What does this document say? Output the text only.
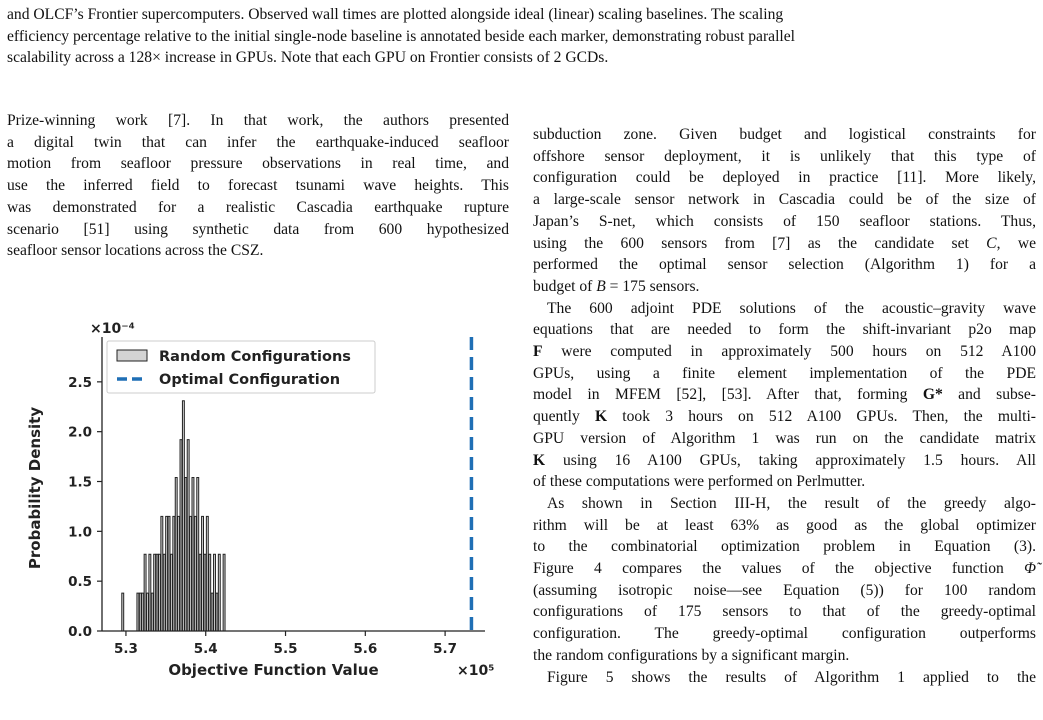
and OLCF’s Frontier supercomputers. Observed wall times are plotted alongside ideal (linear) scaling baselines. The scaling
efficiency percentage relative to the initial single-node baseline is annotated beside each marker, demonstrating robust parallel
scalability across a 128× increase in GPUs. Note that each GPU on Frontier consists of 2 GCDs.
Prize-winning work [7]. In that work, the authors presented
a digital twin that can infer the earthquake-induced seafloor
motion from seafloor pressure observations in real time, and
use the inferred field to forecast tsunami wave heights. This
was demonstrated for a realistic Cascadia earthquake rupture
scenario [51] using synthetic data from 600 hypothesized
seafloor sensor locations across the CSZ.
subduction zone. Given budget and logistical constraints for
offshore sensor deployment, it is unlikely that this type of
configuration could be deployed in practice [11]. More likely,
a large-scale sensor network in Cascadia could be of the size of
Japan’s S-net, which consists of 150 seafloor stations. Thus,
using the 600 sensors from [7] as the candidate set C, we
performed the optimal sensor selection (Algorithm 1) for a
budget of B = 175 sensors.
The 600 adjoint PDE solutions of the acoustic–gravity wave
equations that are needed to form the shift-invariant p2o map
F were computed in approximately 500 hours on 512 A100
GPUs, using a finite element implementation of the PDE
model in MFEM [52], [53]. After that, forming G* and subse-
quently K took 3 hours on 512 A100 GPUs. Then, the multi-
GPU version of Algorithm 1 was run on the candidate matrix
K using 16 A100 GPUs, taking approximately 1.5 hours. All
of these computations were performed on Perlmutter.
As shown in Section III-H, the result of the greedy algo-
rithm will be at least 63% as good as the global optimizer
to the combinatorial optimization problem in Equation (3).
Figure 4 compares the values of the objective function Φ̃
(assuming isotropic noise—see Equation (5)) for 100 random
configurations of 175 sensors to that of the greedy-optimal
configuration. The greedy-optimal configuration outperforms
the random configurations by a significant margin.
Figure 5 shows the results of Algorithm 1 applied to the
0.0
0.5
1.0
1.5
2.0
2.5
5.3	5.4	5.5	5.6	5.7
Probability Density
Objective Function Value
×10⁻⁴
×10⁵
Random Configurations
Optimal Configuration
